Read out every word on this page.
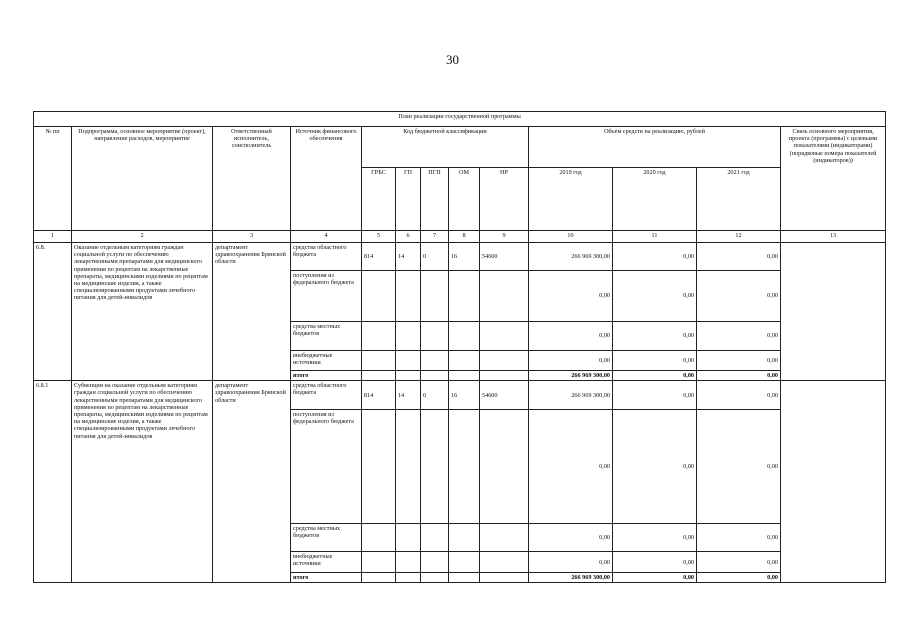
30
План реализации государственной программы												
№ пп	Подпрограмма, основное мероприятие (проект), направление расходов, мероприятие	Ответственный исполнитель, соисполнитель	Источник финансового обеспечения	Код бюджетной классификации					Объём средств на реализацию, рублей			Связь основного мероприятия, проекта (программы) с целевыми показателями (индикаторами) (порядковые номера показателей (индикаторов))
				ГРБС	ГП	ПГП	ОМ	НР	2019 год	2020 год	2021 год	
1	2	3	4	5	6	7	8	9	10	11	12	13
6.8.	Оказание отдельным категориям граждан социальной услуги по обеспечению лекарственными препаратами для медицинского применения по рецептам на лекарственные препараты, медицинскими изделиями по рецептам на медицинские изделия, а также специализированными продуктами лечебного питания для детей-инвалидов	департамент здравоохранения Брянской области	средства областного бюджета	814	14	0	16	54600	266 969 300,00	0,00	0,00	
			поступления из федерального бюджета						0,00	0,00	0,00	
			средства местных бюджетов						0,00	0,00	0,00	
			внебюджетные источники						0,00	0,00	0,00	
			итого						266 969 300,00	0,00	0,00	
6.8.1	Субвенции на оказание отдельным категориям граждан социальной услуги по обеспечению лекарственными препаратами для медицинского применения по рецептам на лекарственные препараты, медицинскими изделиями по рецептам на медицинские изделия, а также специализированными продуктами лечебного питания для детей-инвалидов	департамент здравоохранения Брянской области	средства областного бюджета	814	14	0	16	54600	266 969 300,00	0,00	0,00	
			поступления из федерального бюджета						0,00	0,00	0,00	
			средства местных бюджетов						0,00	0,00	0,00	
			внебюджетные источники						0,00	0,00	0,00	
			итого						266 969 300,00	0,00	0,00	
